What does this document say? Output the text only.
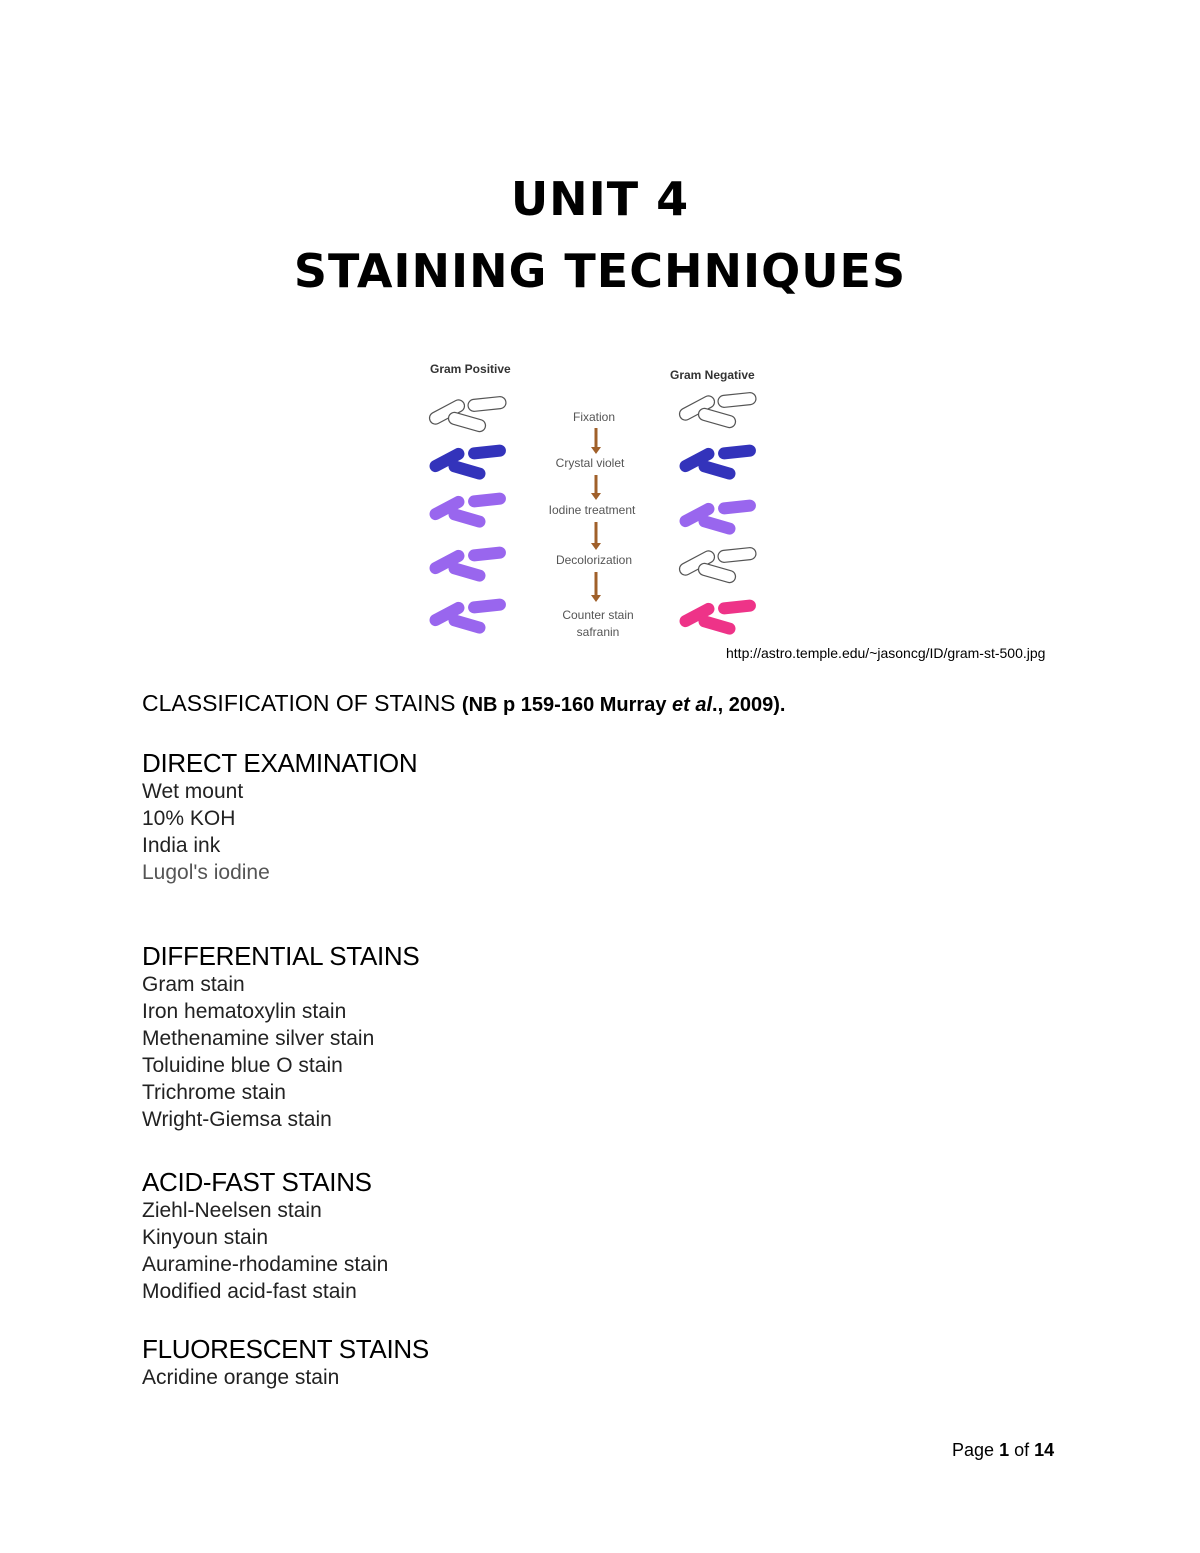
UNIT 4
STAINING TECHNIQUES
Gram Positive	Gram Negative
Fixation
Crystal violet
Iodine treatment
Decolorization
Counter stain
safranin
http://astro.temple.edu/~jasoncg/ID/gram-st-500.jpg
CLASSIFICATION OF STAINS (NB p 159-160 Murray et al., 2009).
DIRECT EXAMINATION
Wet mount
10% KOH
India ink
Lugol's iodine
DIFFERENTIAL STAINS
Gram stain
Iron hematoxylin stain
Methenamine silver stain
Toluidine blue O stain
Trichrome stain
Wright-Giemsa stain
ACID-FAST STAINS
Ziehl-Neelsen stain
Kinyoun stain
Auramine-rhodamine stain
Modified acid-fast stain
FLUORESCENT STAINS
Acridine orange stain
Page 1 of 14
